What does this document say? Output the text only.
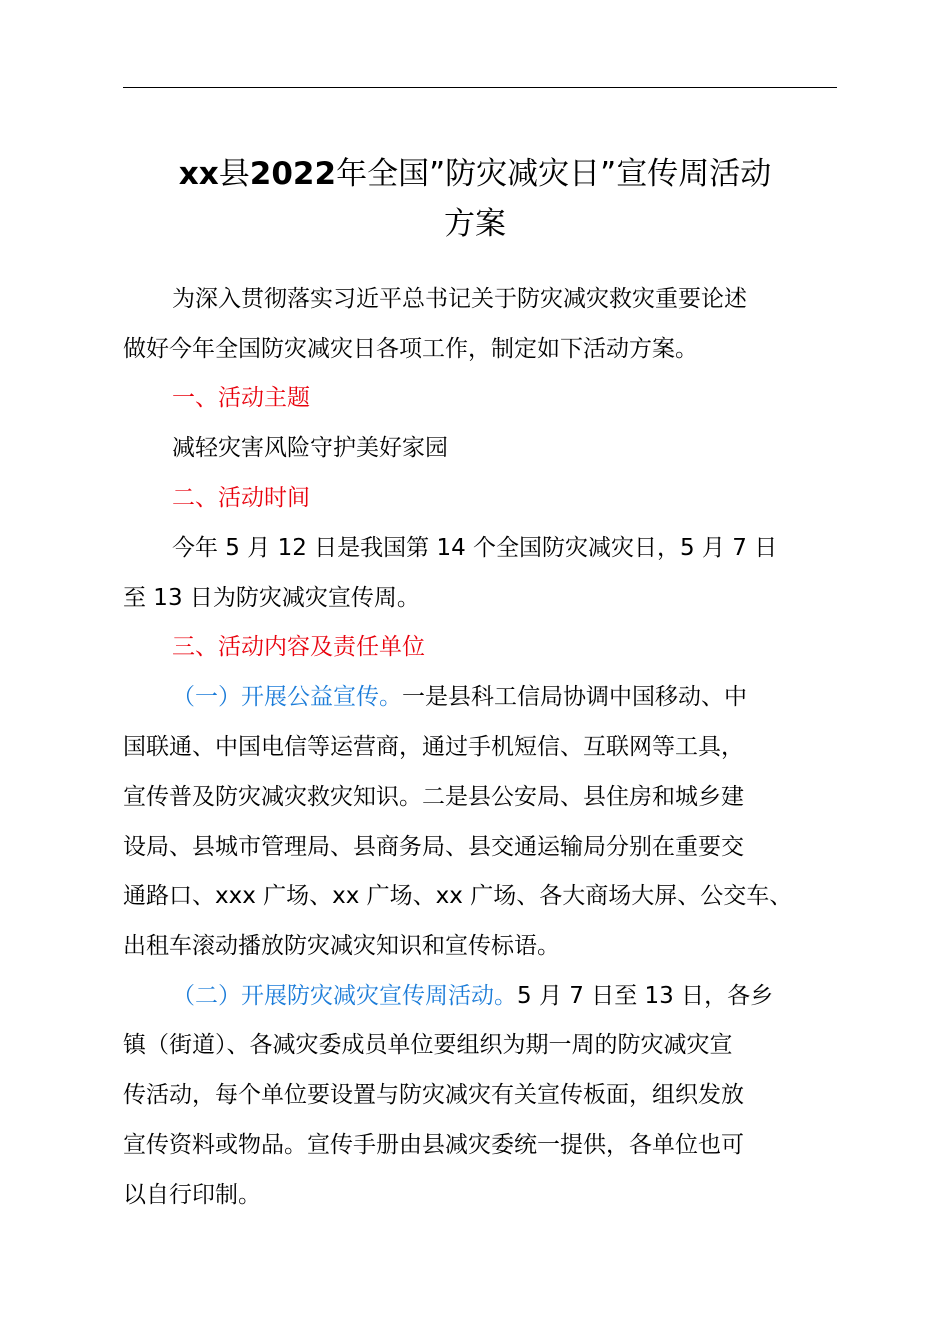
xx县2022年全国”防灾减灾日”宣传周活动
方案
为深入贯彻落实习近平总书记关于防灾减灾救灾重要论述
做好今年全国防灾减灾日各项工作，制定如下活动方案。
一、活动主题
减轻灾害风险守护美好家园
二、活动时间
今年 5 月 12 日是我国第 14 个全国防灾减灾日，5 月 7 日
至 13 日为防灾减灾宣传周。
三、活动内容及责任单位
（一）开展公益宣传。一是县科工信局协调中国移动、中
国联通、中国电信等运营商，通过手机短信、互联网等工具，
宣传普及防灾减灾救灾知识。二是县公安局、县住房和城乡建
设局、县城市管理局、县商务局、县交通运输局分别在重要交
通路口、xxx 广场、xx 广场、xx 广场、各大商场大屏、公交车、
出租车滚动播放防灾减灾知识和宣传标语。
（二）开展防灾减灾宣传周活动。5 月 7 日至 13 日，各乡
镇（街道）、各减灾委成员单位要组织为期一周的防灾减灾宣
传活动，每个单位要设置与防灾减灾有关宣传板面，组织发放
宣传资料或物品。宣传手册由县减灾委统一提供，各单位也可
以自行印制。
